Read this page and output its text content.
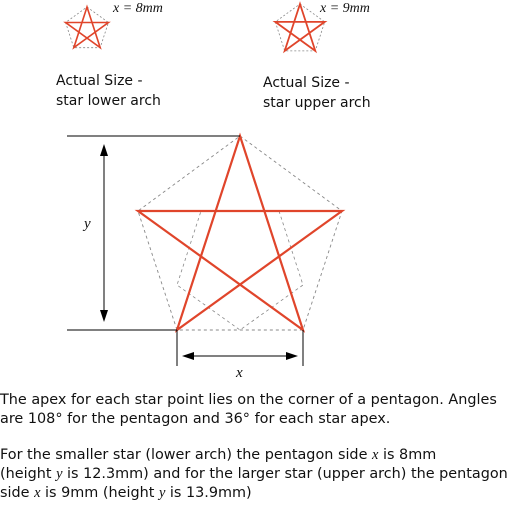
x = 8mm
Actual Size -
star lower arch
x = 9mm
Actual Size -
star upper arch
y
x
The apex for each star point lies on the corner of a pentagon. Angles
are 108° for the pentagon and 36° for each star apex.
For the smaller star (lower arch) the pentagon side x is 8mm
(height y is 12.3mm) and for the larger star (upper arch) the pentagon
side x is 9mm (height y is 13.9mm)
